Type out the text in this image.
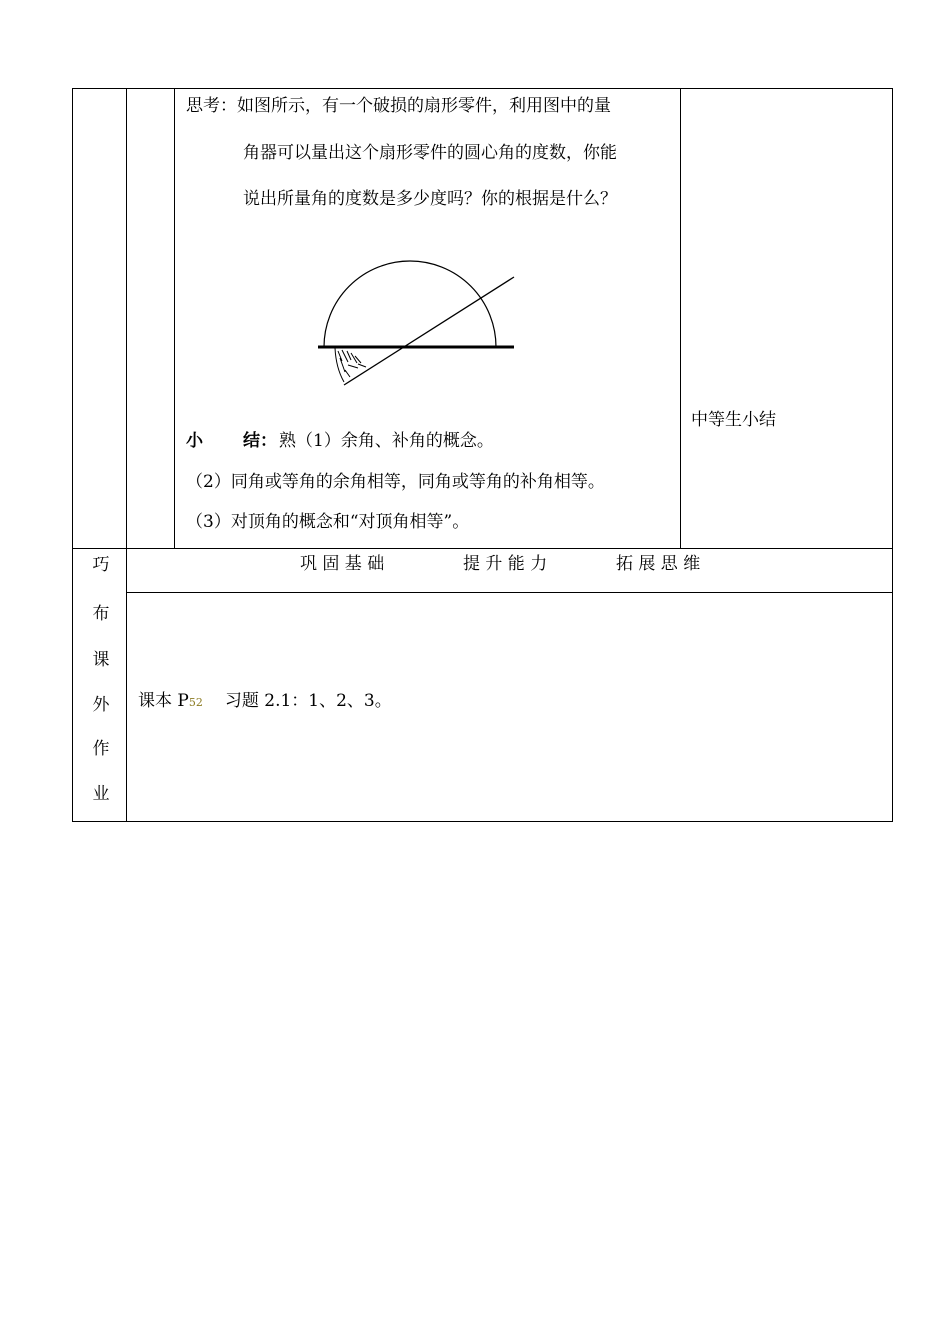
思考：如图所示，有一个破损的扇形零件，利用图中的量
角器可以量出这个扇形零件的圆心角的度数，你能
说出所量角的度数是多少度吗？你的根据是什么？
小 结： 熟（1）余角、补角的概念。
（2）同角或等角的余角相等，同角或等角的补角相等。
（3）对顶角的概念和“对顶角相等”。
中等生小结
巧
布
课
外
作
业
巩 固 基 础	提 升 能 力	拓 展 思 维
课本 P52 习题 2.1：1、2、3。
